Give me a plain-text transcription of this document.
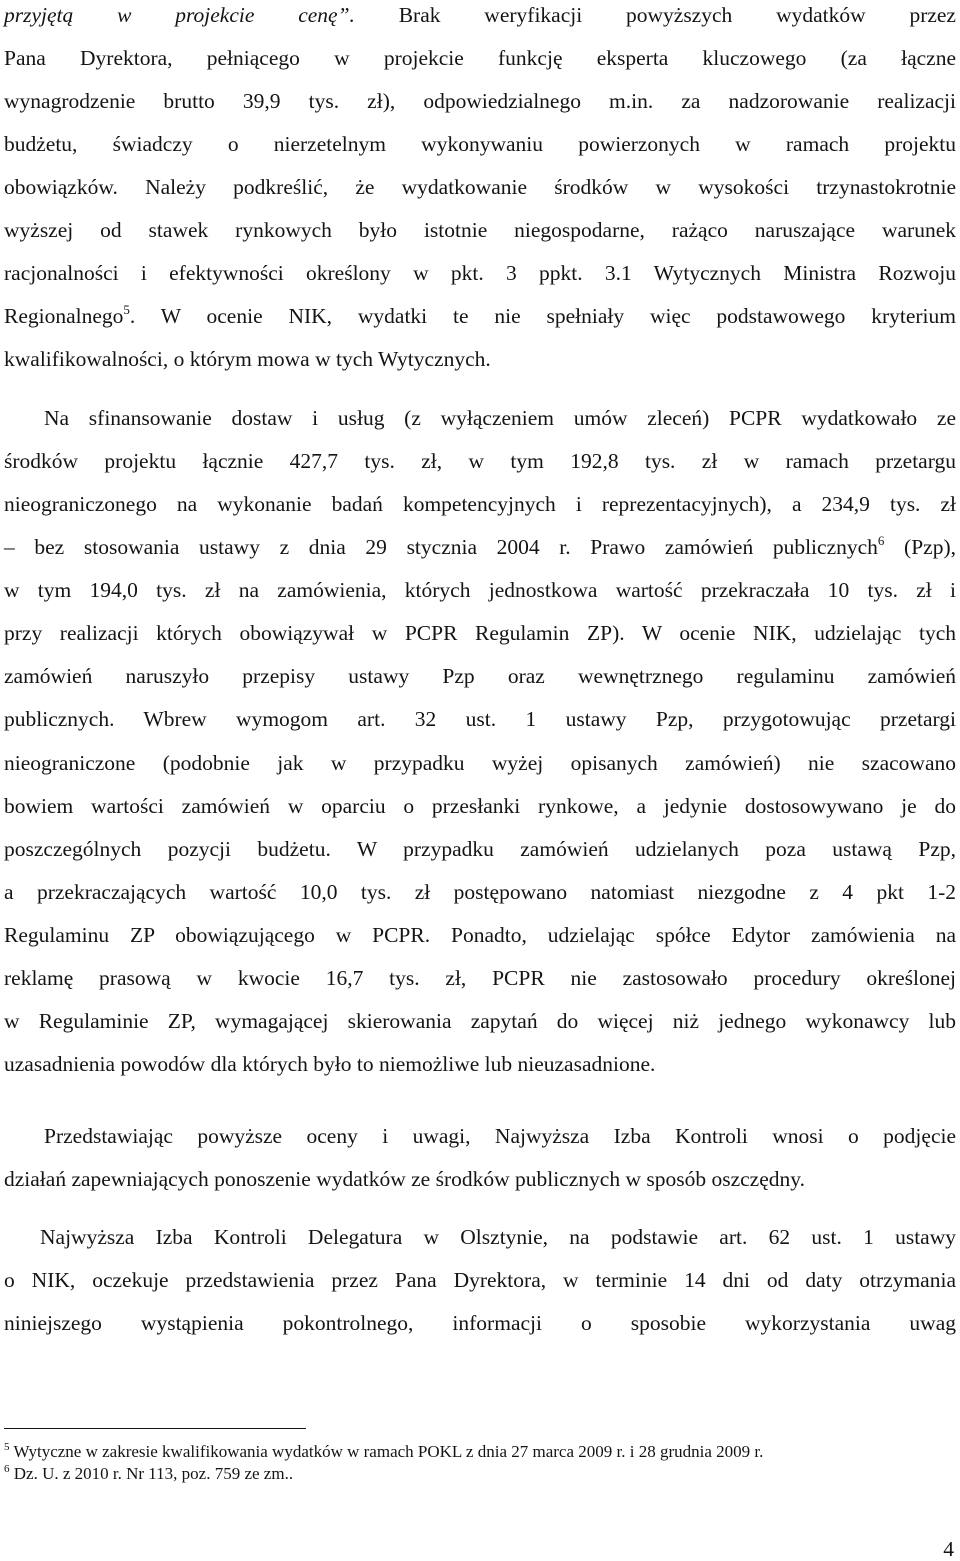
przyjętą w projekcie cenę”. Brak weryfikacji powyższych wydatków przez
Pana Dyrektora, pełniącego w projekcie funkcję eksperta kluczowego (za łączne
wynagrodzenie brutto 39,9 tys. zł), odpowiedzialnego m.in. za nadzorowanie realizacji
budżetu, świadczy o nierzetelnym wykonywaniu powierzonych w ramach projektu
obowiązków. Należy podkreślić, że wydatkowanie środków w wysokości trzynastokrotnie
wyższej od stawek rynkowych było istotnie niegospodarne, rażąco naruszające warunek
racjonalności i efektywności określony w pkt. 3 ppkt. 3.1 Wytycznych Ministra Rozwoju
Regionalnego$^5$. W ocenie NIK, wydatki te nie spełniały więc podstawowego kryterium
kwalifikowalności, o którym mowa w tych Wytycznych.
Na sfinansowanie dostaw i usług (z wyłączeniem umów zleceń) PCPR wydatkowało ze
środków projektu łącznie 427,7 tys. zł, w tym 192,8 tys. zł w ramach przetargu
nieograniczonego na wykonanie badań kompetencyjnych i reprezentacyjnych), a 234,9 tys. zł
– bez stosowania ustawy z dnia 29 stycznia 2004 r. Prawo zamówień publicznych$^6$ (Pzp),
w tym 194,0 tys. zł na zamówienia, których jednostkowa wartość przekraczała 10 tys. zł i
przy realizacji których obowiązywał w PCPR Regulamin ZP). W ocenie NIK, udzielając tych
zamówień naruszyło przepisy ustawy Pzp oraz wewnętrznego regulaminu zamówień
publicznych. Wbrew wymogom art. 32 ust. 1 ustawy Pzp, przygotowując przetargi
nieograniczone (podobnie jak w przypadku wyżej opisanych zamówień) nie szacowano
bowiem wartości zamówień w oparciu o przesłanki rynkowe, a jedynie dostosowywano je do
poszczególnych pozycji budżetu. W przypadku zamówień udzielanych poza ustawą Pzp,
a przekraczających wartość 10,0 tys. zł postępowano natomiast niezgodne z 4 pkt 1-2
Regulaminu ZP obowiązującego w PCPR. Ponadto, udzielając spółce Edytor zamówienia na
reklamę prasową w kwocie 16,7 tys. zł, PCPR nie zastosowało procedury określonej
w Regulaminie ZP, wymagającej skierowania zapytań do więcej niż jednego wykonawcy lub
uzasadnienia powodów dla których było to niemożliwe lub nieuzasadnione.
Przedstawiając powyższe oceny i uwagi, Najwyższa Izba Kontroli wnosi o podjęcie
działań zapewniających ponoszenie wydatków ze środków publicznych w sposób oszczędny.
Najwyższa Izba Kontroli Delegatura w Olsztynie, na podstawie art. 62 ust. 1 ustawy
o NIK, oczekuje przedstawienia przez Pana Dyrektora, w terminie 14 dni od daty otrzymania
niniejszego wystąpienia pokontrolnego, informacji o sposobie wykorzystania uwag
$^5$ Wytyczne w zakresie kwalifikowania wydatków w ramach POKL z dnia 27 marca 2009 r. i 28 grudnia 2009 r.
$^6$ Dz. U. z 2010 r. Nr 113, poz. 759 ze zm..
4
